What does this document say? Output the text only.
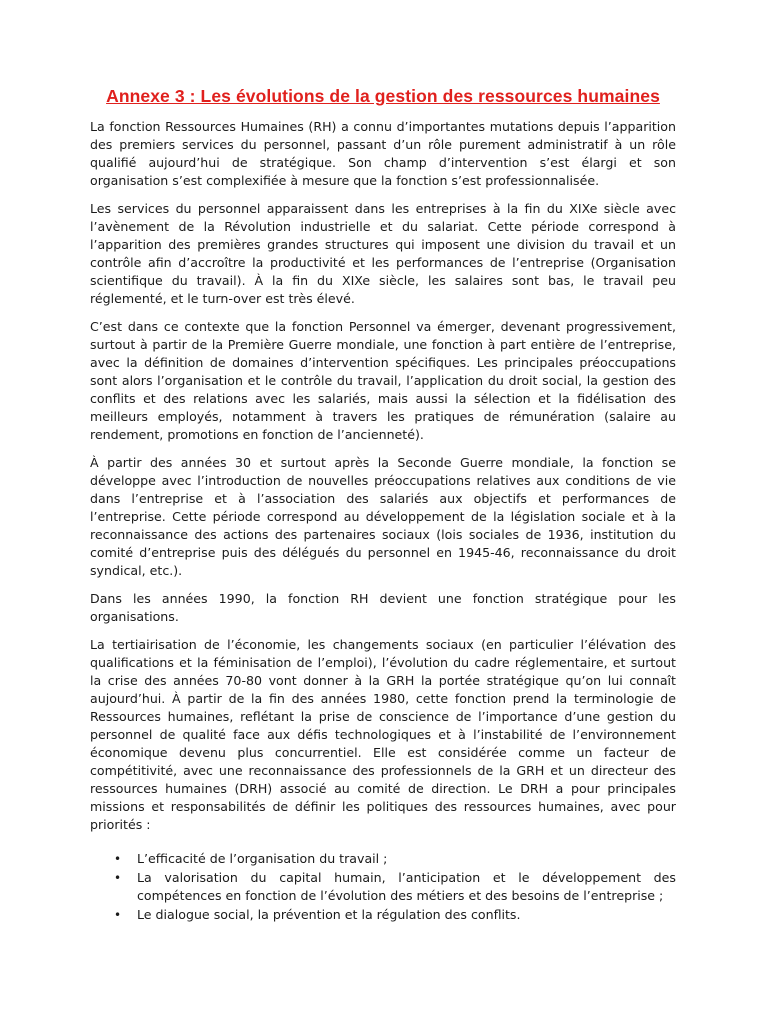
Annexe 3 : Les évolutions de la gestion des ressources humaines

La fonction Ressources Humaines (RH) a connu d’importantes mutations depuis l’apparition des premiers services du personnel, passant d’un rôle purement administratif à un rôle qualifié aujourd’hui de stratégique. Son champ d’intervention s’est élargi et son organisation s’est complexifiée à mesure que la fonction s’est professionnalisée.

Les services du personnel apparaissent dans les entreprises à la fin du XIXe siècle avec l’avènement de la Révolution industrielle et du salariat. Cette période correspond à l’apparition des premières grandes structures qui imposent une division du travail et un contrôle afin d’accroître la productivité et les performances de l’entreprise (Organisation scientifique du travail). À la fin du XIXe siècle, les salaires sont bas, le travail peu réglementé, et le turn-over est très élevé.

C’est dans ce contexte que la fonction Personnel va émerger, devenant progressivement, surtout à partir de la Première Guerre mondiale, une fonction à part entière de l’entreprise, avec la définition de domaines d’intervention spécifiques. Les principales préoccupations sont alors l’organisation et le contrôle du travail, l’application du droit social, la gestion des conflits et des relations avec les salariés, mais aussi la sélection et la fidélisation des meilleurs employés, notamment à travers les pratiques de rémunération (salaire au rendement, promotions en fonction de l’ancienneté).

À partir des années 30 et surtout après la Seconde Guerre mondiale, la fonction se développe avec l’introduction de nouvelles préoccupations relatives aux conditions de vie dans l’entreprise et à l’association des salariés aux objectifs et performances de l’entreprise. Cette période correspond au développement de la législation sociale et à la reconnaissance des actions des partenaires sociaux (lois sociales de 1936, institution du comité d’entreprise puis des délégués du personnel en 1945-46, reconnaissance du droit syndical, etc.).

Dans les années 1990, la fonction RH devient une fonction stratégique pour les organisations.

La tertiairisation de l’économie, les changements sociaux (en particulier l’élévation des qualifications et la féminisation de l’emploi), l’évolution du cadre réglementaire, et surtout la crise des années 70-80 vont donner à la GRH la portée stratégique qu’on lui connaît aujourd’hui. À partir de la fin des années 1980, cette fonction prend la terminologie de Ressources humaines, reflétant la prise de conscience de l’importance d’une gestion du personnel de qualité face aux défis technologiques et à l’instabilité de l’environnement économique devenu plus concurrentiel. Elle est considérée comme un facteur de compétitivité, avec une reconnaissance des professionnels de la GRH et un directeur des ressources humaines (DRH) associé au comité de direction. Le DRH a pour principales missions et responsabilités de définir les politiques des ressources humaines, avec pour priorités :

• L’efficacité de l’organisation du travail ;
• La valorisation du capital humain, l’anticipation et le développement des compétences en fonction de l’évolution des métiers et des besoins de l’entreprise ;
• Le dialogue social, la prévention et la régulation des conflits.
